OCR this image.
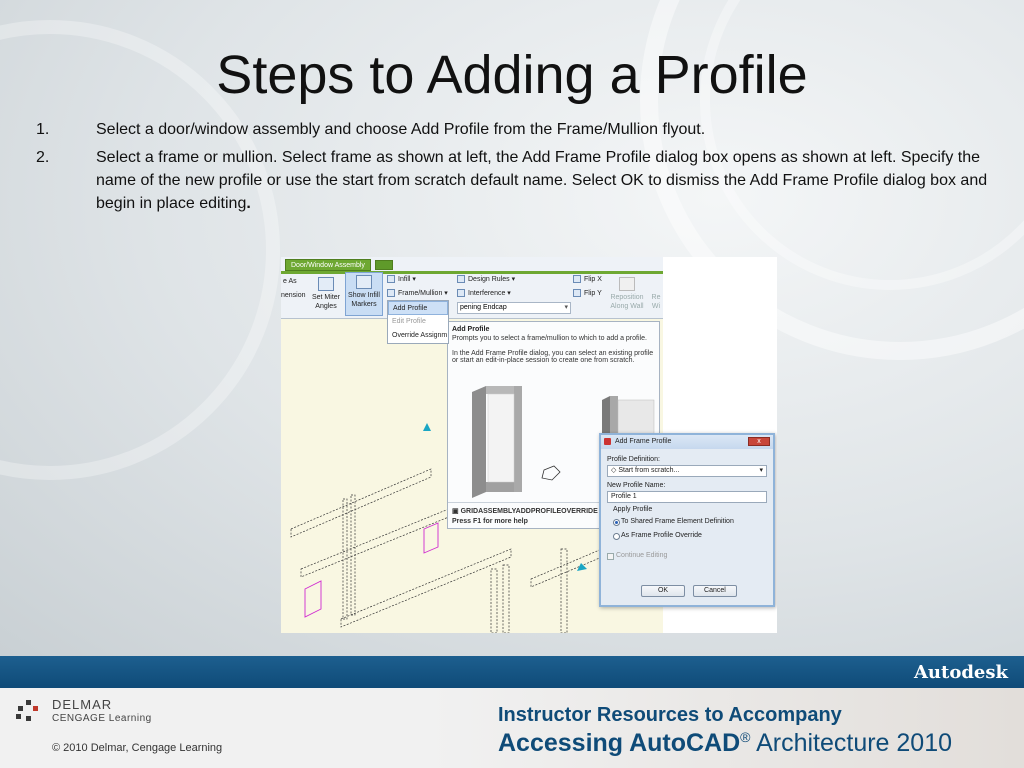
Steps to Adding a Profile
1.	Select a door/window assembly and choose Add Profile from the Frame/Mullion flyout.
2.	Select a frame or mullion. Select frame as shown at left, the Add Frame Profile dialog box opens as shown at left. Specify the name of the new profile or use the start from scratch default name. Select OK to dismiss the Add Frame Profile dialog box and begin in place editing.
Door/Window Assembly
e As
nension Set Miter
Angles
Show Infill
Markers
Infill ▾
Frame/Mullion ▾
Design Rules ▾
Interference ▾
pening Endcap ▾
Flip X
Flip Y
Reposition
Along Wall
Re
Wi
Add Profile
Edit Profile
Override Assignm
Add Profile
Prompts you to select a frame/mullion to which to add a profile.
In the Add Frame Profile dialog, you can select an existing profile
or start an edit-in-place session to create one from scratch.
▣ GRIDASSEMBLYADDPROFILEOVERRIDE
Press F1 for more help
Add Frame Profile	x
Profile Definition:
◇ Start from scratch... ▾
New Profile Name:
Profile 1
Apply Profile
To Shared Frame Element Definition
As Frame Profile Override
Continue Editing
OK	Cancel
Autodesk
DELMAR
CENGAGE Learning
© 2010 Delmar, Cengage Learning
Instructor Resources to Accompany
Accessing AutoCAD® Architecture 2010
